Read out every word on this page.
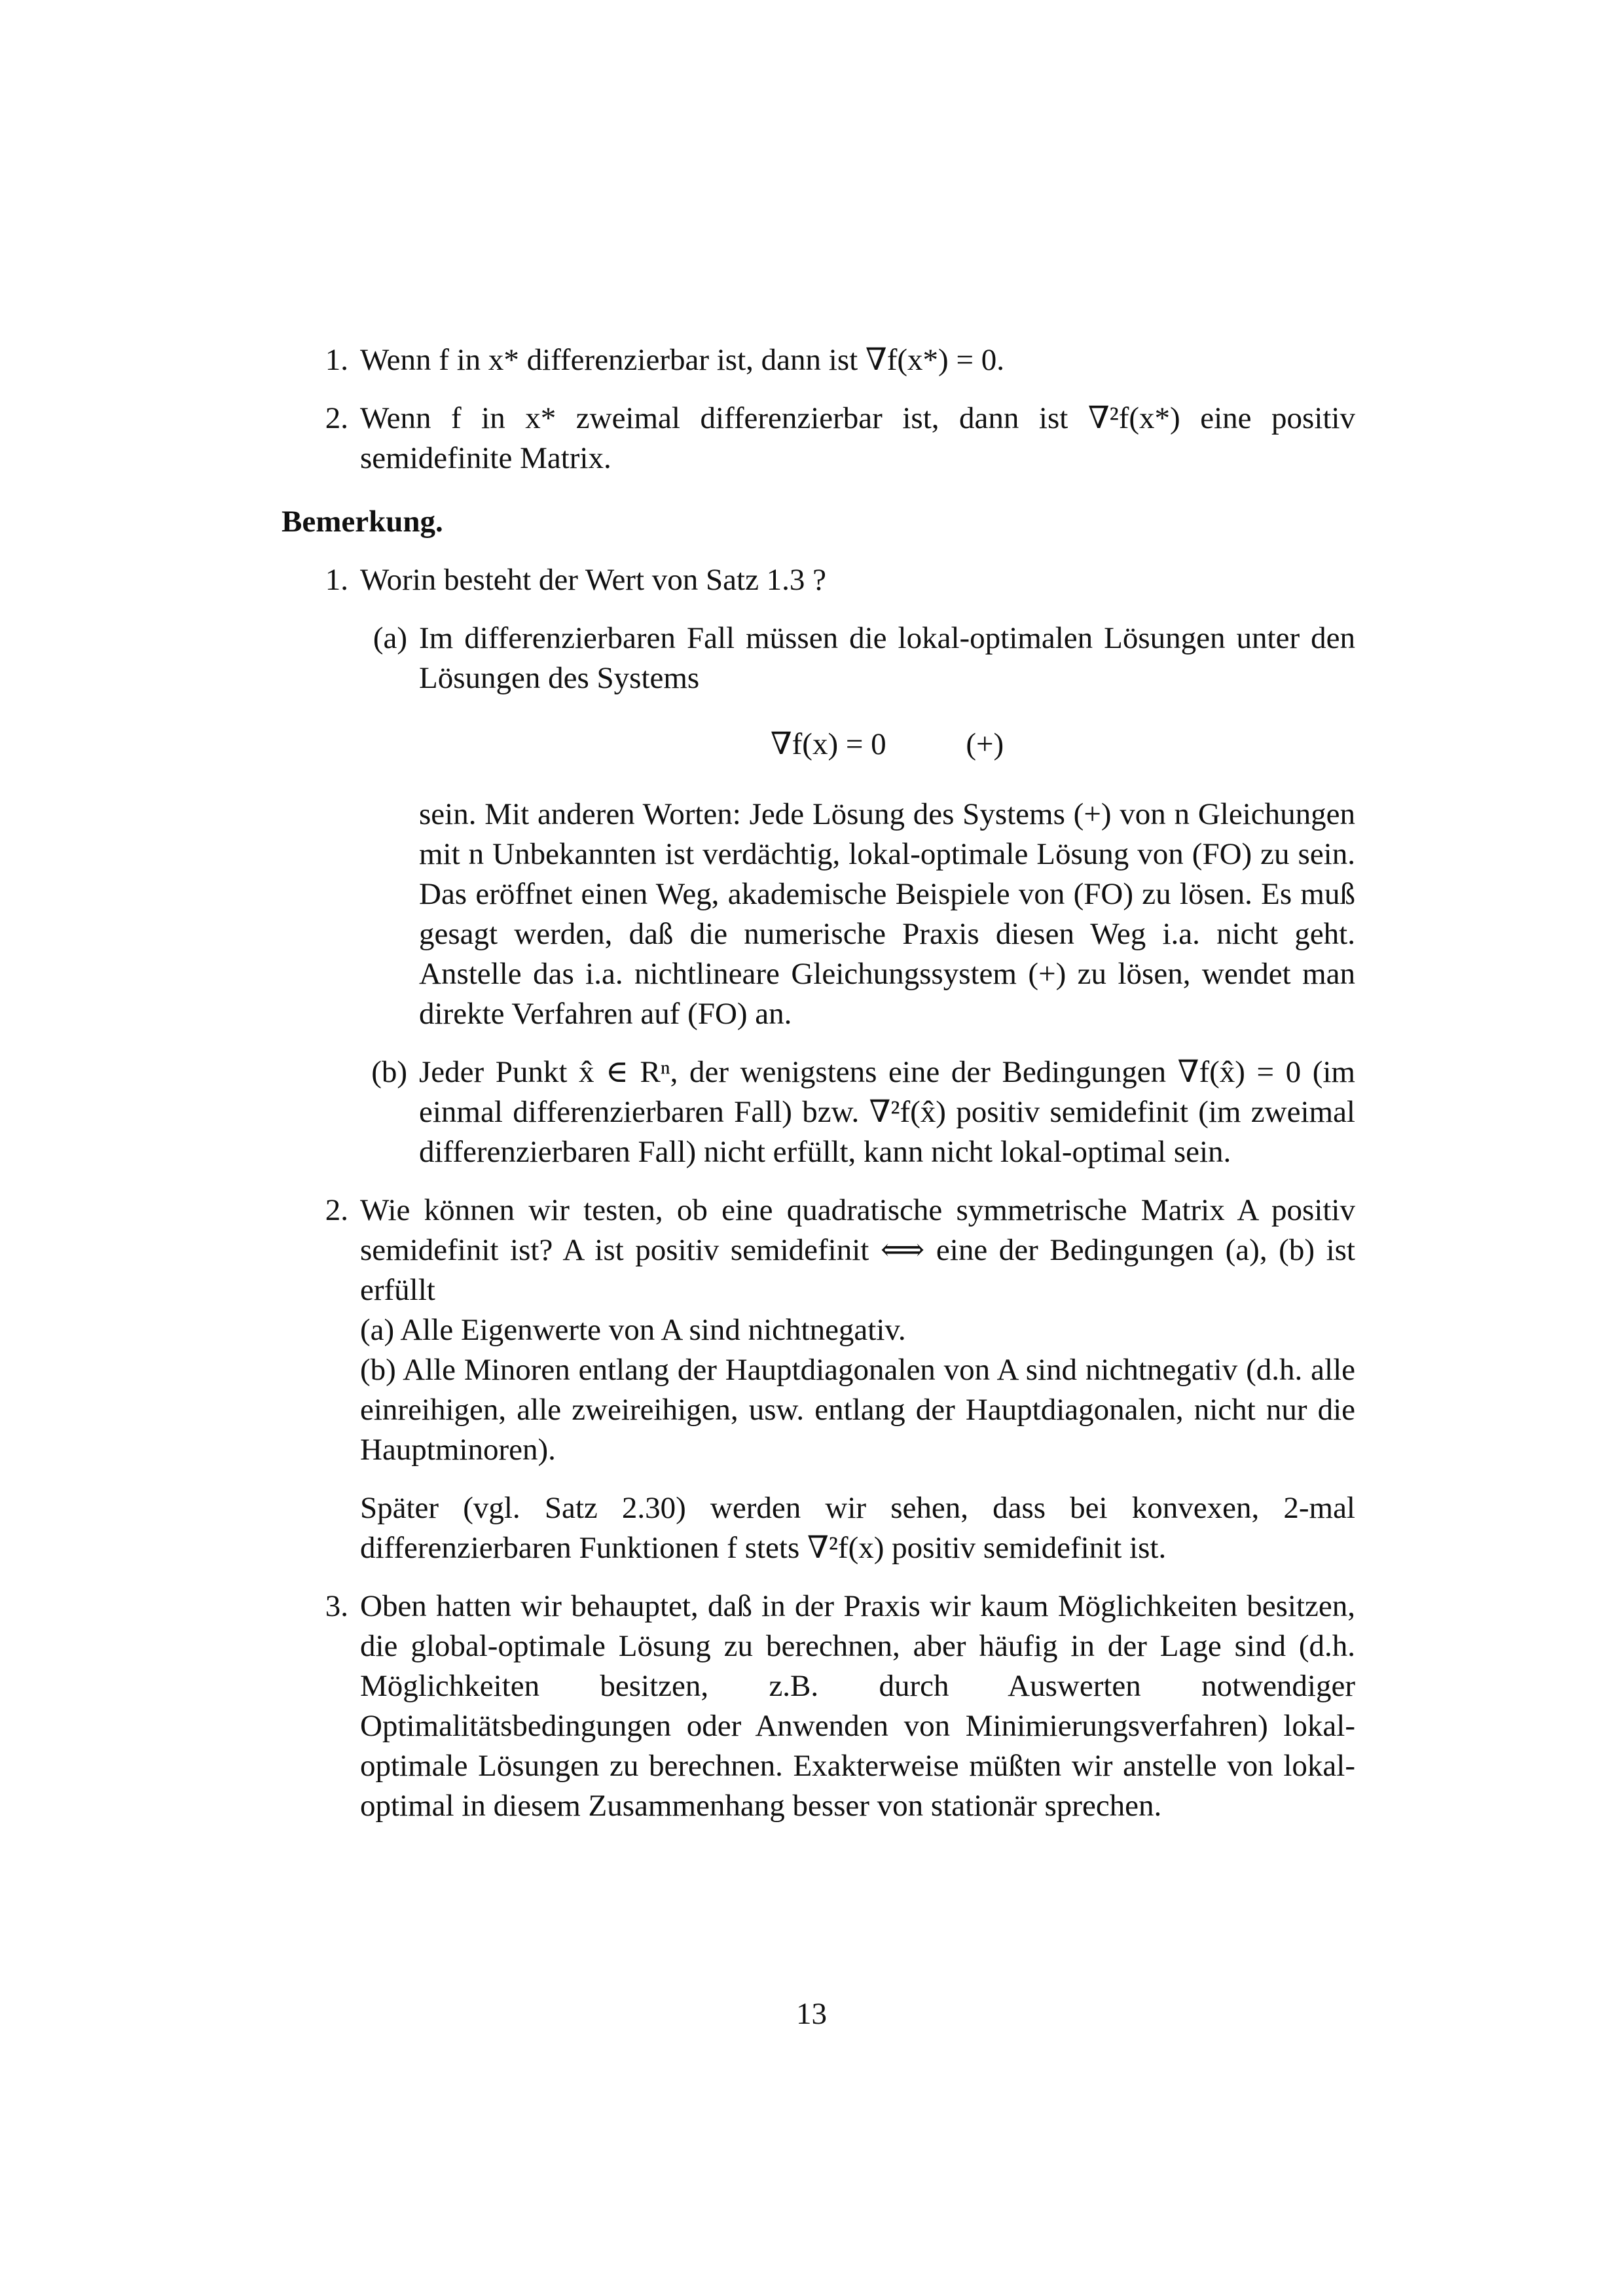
1. Wenn f in x* differenzierbar ist, dann ist ∇f(x*) = 0.
2. Wenn f in x* zweimal differenzierbar ist, dann ist ∇²f(x*) eine positiv semidefinite Matrix.
Bemerkung.
1. Worin besteht der Wert von Satz 1.3 ?
(a) Im differenzierbaren Fall müssen die lokal-optimalen Lösungen unter den Lösungen des Systems
∇f(x) = 0	(+)
sein. Mit anderen Worten: Jede Lösung des Systems (+) von n Gleichungen mit n Unbekannten ist verdächtig, lokal-optimale Lösung von (FO) zu sein. Das eröffnet einen Weg, akademische Beispiele von (FO) zu lösen. Es muß gesagt werden, daß die numerische Praxis diesen Weg i.a. nicht geht. Anstelle das i.a. nichtlineare Gleichungssystem (+) zu lösen, wendet man direkte Verfahren auf (FO) an.
(b) Jeder Punkt x̂ ∈ Rⁿ, der wenigstens eine der Bedingungen ∇f(x̂) = 0 (im einmal differenzierbaren Fall) bzw. ∇²f(x̂) positiv semidefinit (im zweimal differenzierbaren Fall) nicht erfüllt, kann nicht lokal-optimal sein.
2. Wie können wir testen, ob eine quadratische symmetrische Matrix A positiv semidefinit ist? A ist positiv semidefinit ⟺ eine der Bedingungen (a), (b) ist erfüllt
(a) Alle Eigenwerte von A sind nichtnegativ.
(b) Alle Minoren entlang der Hauptdiagonalen von A sind nichtnegativ (d.h. alle einreihigen, alle zweireihigen, usw. entlang der Hauptdiagonalen, nicht nur die Hauptminoren).
Später (vgl. Satz 2.30) werden wir sehen, dass bei konvexen, 2-mal differenzierbaren Funktionen f stets ∇²f(x) positiv semidefinit ist.
3. Oben hatten wir behauptet, daß in der Praxis wir kaum Möglichkeiten besitzen, die global-optimale Lösung zu berechnen, aber häufig in der Lage sind (d.h. Möglichkeiten besitzen, z.B. durch Auswerten notwendiger Optimalitätsbedingungen oder Anwenden von Minimierungsverfahren) lokal-optimale Lösungen zu berechnen. Exakterweise müßten wir anstelle von lokal-optimal in diesem Zusammenhang besser von stationär sprechen.
13
